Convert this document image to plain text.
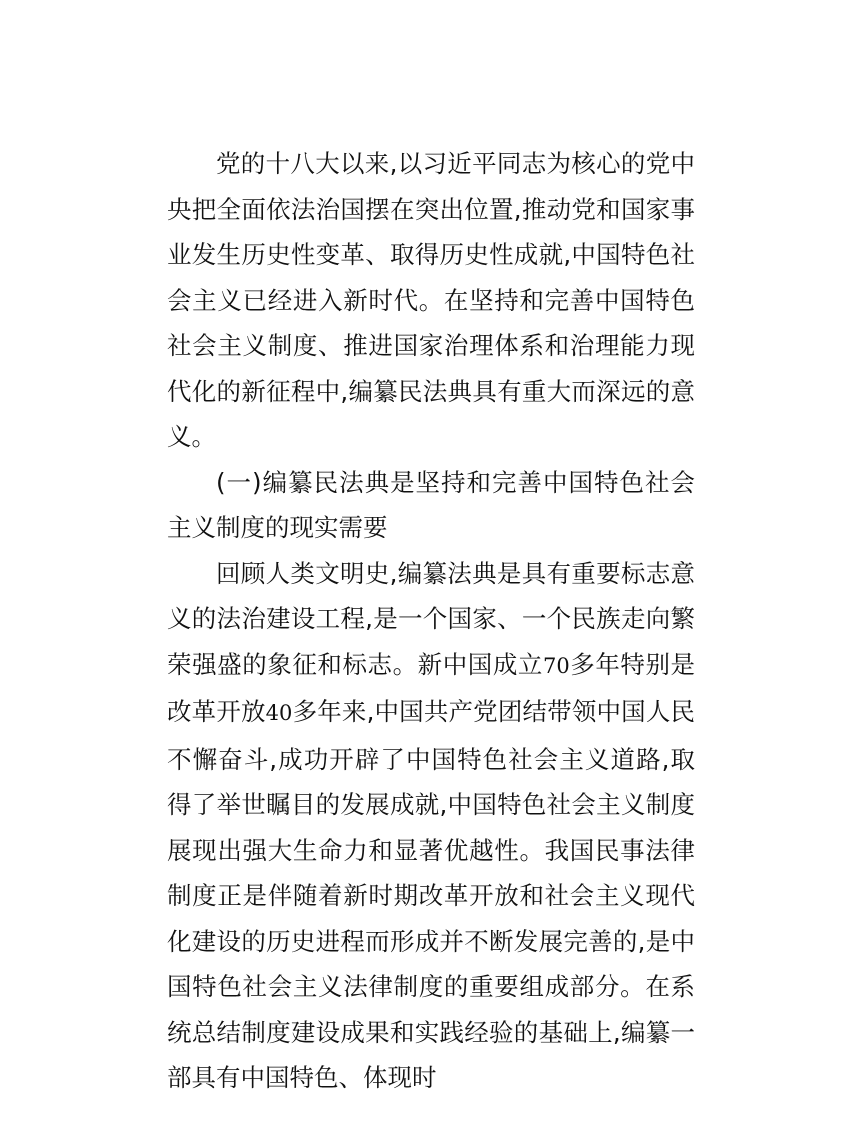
党的十八大以来,以习近平同志为核心的党中央把全面依法治国摆在突出位置,推动党和国家事业发生历史性变革、取得历史性成就,中国特色社会主义已经进入新时代。在坚持和完善中国特色社会主义制度、推进国家治理体系和治理能力现代化的新征程中,编纂民法典具有重大而深远的意义。

(一)编纂民法典是坚持和完善中国特色社会主义制度的现实需要

回顾人类文明史,编纂法典是具有重要标志意义的法治建设工程,是一个国家、一个民族走向繁荣强盛的象征和标志。新中国成立70多年特别是改革开放40多年来,中国共产党团结带领中国人民不懈奋斗,成功开辟了中国特色社会主义道路,取得了举世瞩目的发展成就,中国特色社会主义制度展现出强大生命力和显著优越性。我国民事法律制度正是伴随着新时期改革开放和社会主义现代化建设的历史进程而形成并不断发展完善的,是中国特色社会主义法律制度的重要组成部分。在系统总结制度建设成果和实践经验的基础上,编纂一部具有中国特色、体现时
